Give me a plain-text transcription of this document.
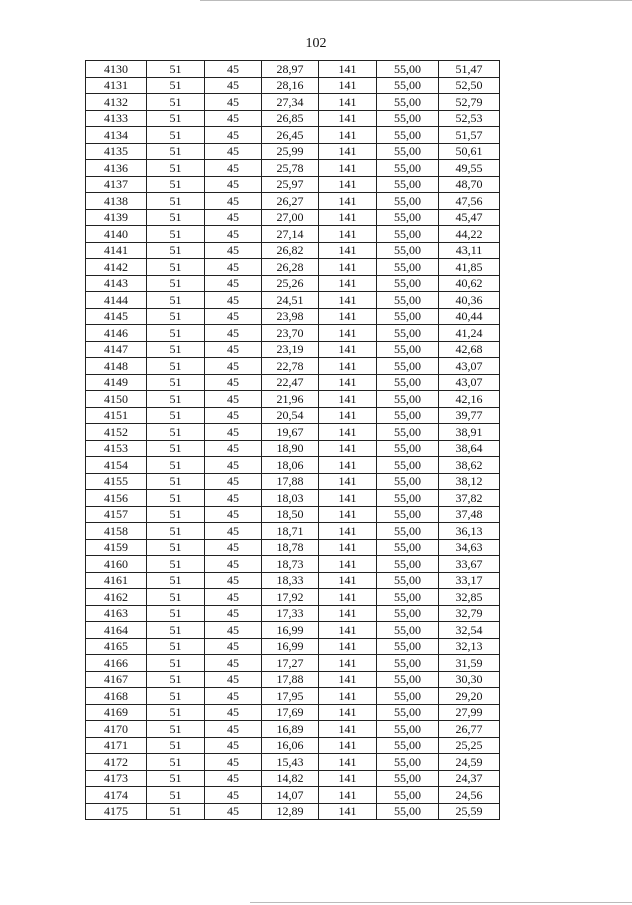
102
4130	51	45	28,97	141	55,00	51,47
4131	51	45	28,16	141	55,00	52,50
4132	51	45	27,34	141	55,00	52,79
4133	51	45	26,85	141	55,00	52,53
4134	51	45	26,45	141	55,00	51,57
4135	51	45	25,99	141	55,00	50,61
4136	51	45	25,78	141	55,00	49,55
4137	51	45	25,97	141	55,00	48,70
4138	51	45	26,27	141	55,00	47,56
4139	51	45	27,00	141	55,00	45,47
4140	51	45	27,14	141	55,00	44,22
4141	51	45	26,82	141	55,00	43,11
4142	51	45	26,28	141	55,00	41,85
4143	51	45	25,26	141	55,00	40,62
4144	51	45	24,51	141	55,00	40,36
4145	51	45	23,98	141	55,00	40,44
4146	51	45	23,70	141	55,00	41,24
4147	51	45	23,19	141	55,00	42,68
4148	51	45	22,78	141	55,00	43,07
4149	51	45	22,47	141	55,00	43,07
4150	51	45	21,96	141	55,00	42,16
4151	51	45	20,54	141	55,00	39,77
4152	51	45	19,67	141	55,00	38,91
4153	51	45	18,90	141	55,00	38,64
4154	51	45	18,06	141	55,00	38,62
4155	51	45	17,88	141	55,00	38,12
4156	51	45	18,03	141	55,00	37,82
4157	51	45	18,50	141	55,00	37,48
4158	51	45	18,71	141	55,00	36,13
4159	51	45	18,78	141	55,00	34,63
4160	51	45	18,73	141	55,00	33,67
4161	51	45	18,33	141	55,00	33,17
4162	51	45	17,92	141	55,00	32,85
4163	51	45	17,33	141	55,00	32,79
4164	51	45	16,99	141	55,00	32,54
4165	51	45	16,99	141	55,00	32,13
4166	51	45	17,27	141	55,00	31,59
4167	51	45	17,88	141	55,00	30,30
4168	51	45	17,95	141	55,00	29,20
4169	51	45	17,69	141	55,00	27,99
4170	51	45	16,89	141	55,00	26,77
4171	51	45	16,06	141	55,00	25,25
4172	51	45	15,43	141	55,00	24,59
4173	51	45	14,82	141	55,00	24,37
4174	51	45	14,07	141	55,00	24,56
4175	51	45	12,89	141	55,00	25,59
